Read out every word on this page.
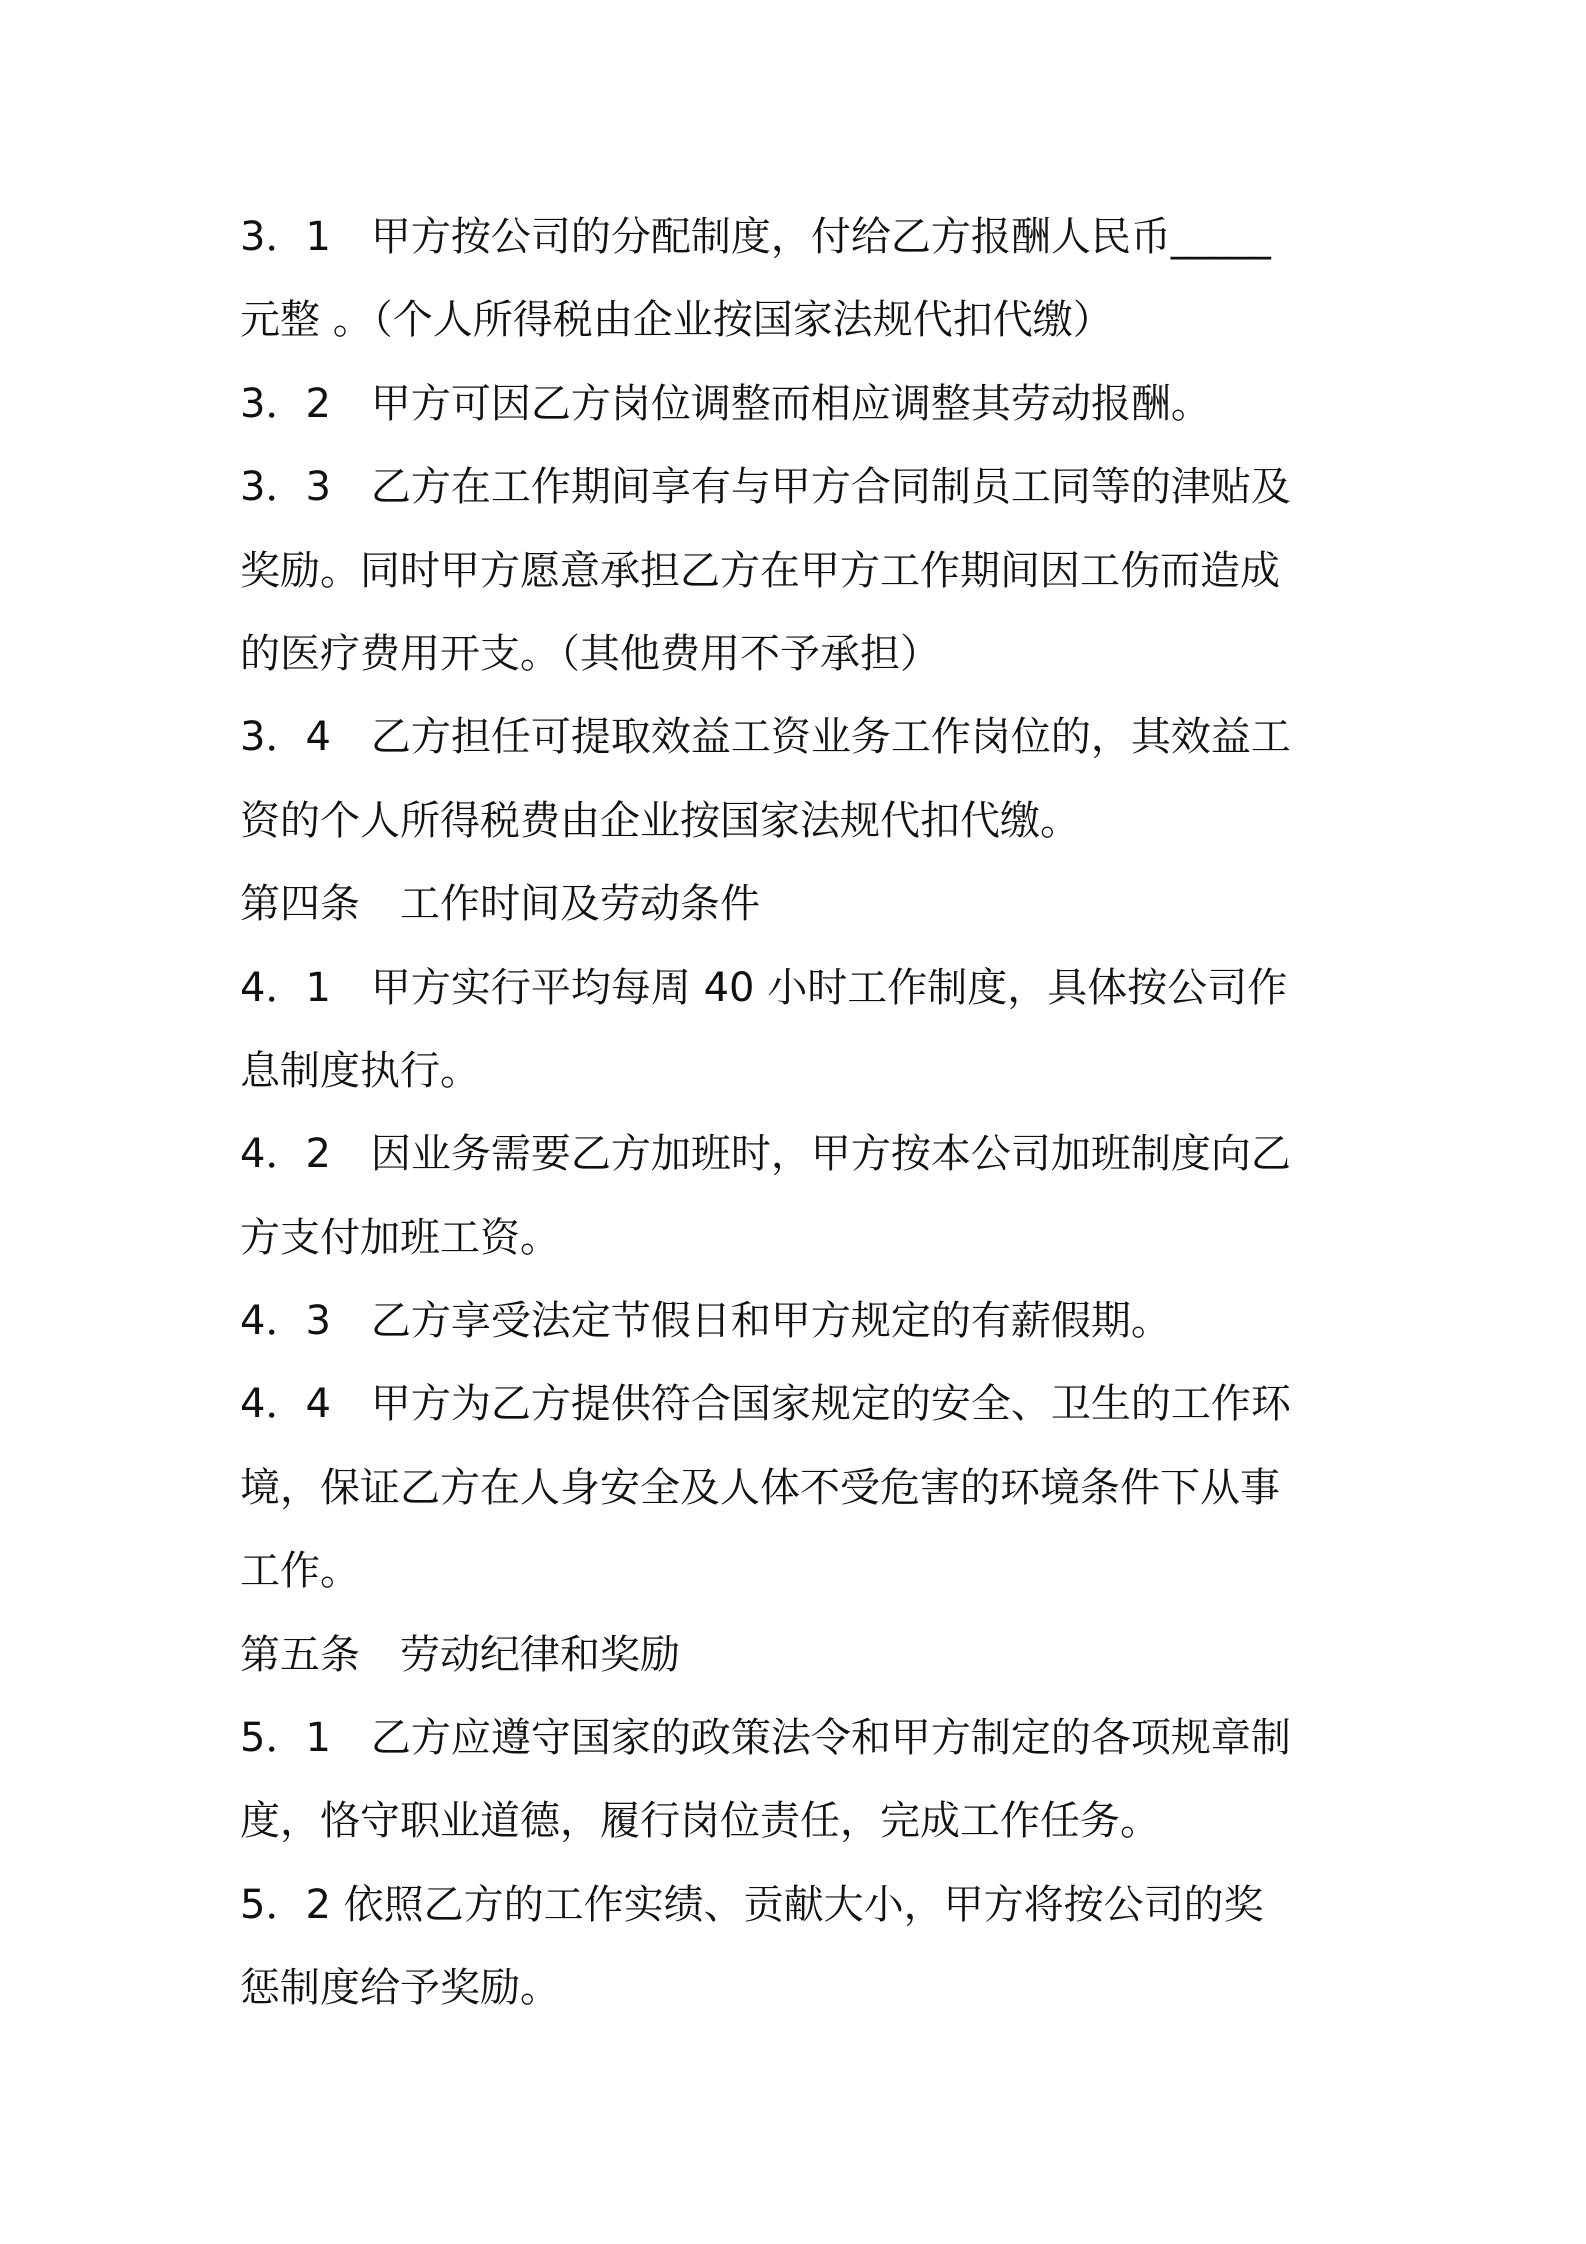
3．1　甲方按公司的分配制度，付给乙方报酬人民币_____
元整 。（个人所得税由企业按国家法规代扣代缴）
3．2　甲方可因乙方岗位调整而相应调整其劳动报酬。
3．3　乙方在工作期间享有与甲方合同制员工同等的津贴及
奖励。同时甲方愿意承担乙方在甲方工作期间因工伤而造成
的医疗费用开支。（其他费用不予承担）
3．4　乙方担任可提取效益工资业务工作岗位的，其效益工
资的个人所得税费由企业按国家法规代扣代缴。
第四条　工作时间及劳动条件
4．1　甲方实行平均每周 40 小时工作制度，具体按公司作
息制度执行。
4．2　因业务需要乙方加班时，甲方按本公司加班制度向乙
方支付加班工资。
4．3　乙方享受法定节假日和甲方规定的有薪假期。
4．4　甲方为乙方提供符合国家规定的安全、卫生的工作环
境，保证乙方在人身安全及人体不受危害的环境条件下从事
工作。
第五条　劳动纪律和奖励
5．1　乙方应遵守国家的政策法令和甲方制定的各项规章制
度，恪守职业道德，履行岗位责任，完成工作任务。
5．2 依照乙方的工作实绩、贡献大小，甲方将按公司的奖
惩制度给予奖励。
